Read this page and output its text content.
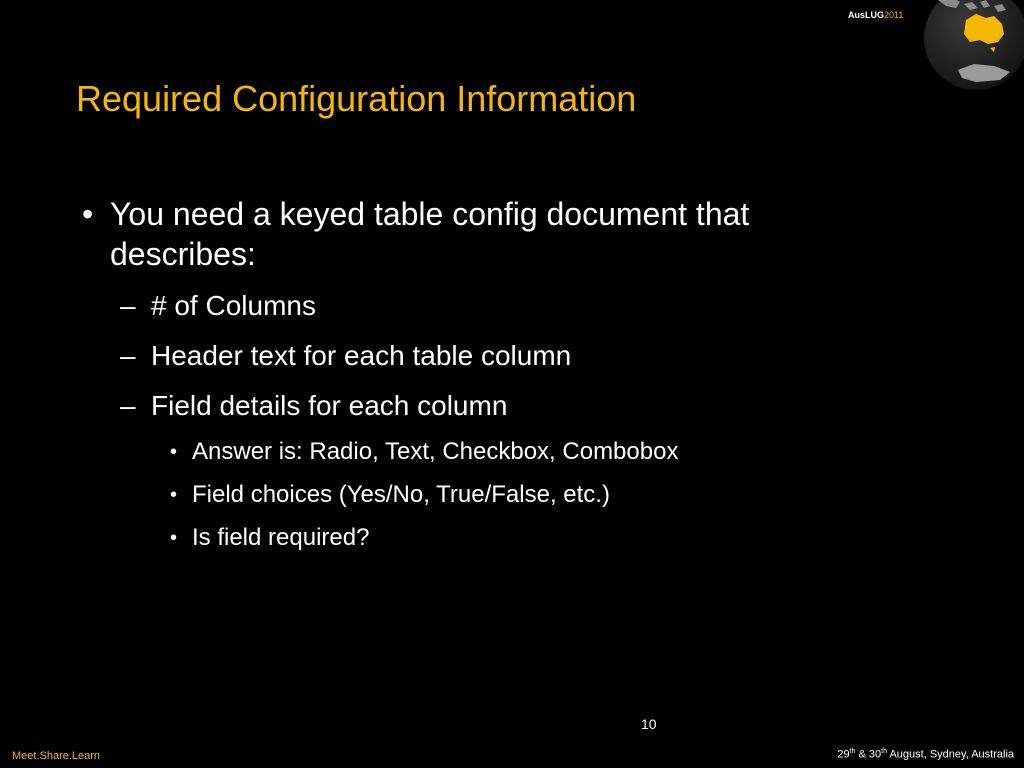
AusLUG2011
Required Configuration Information
• You need a keyed table config document that describes:
– # of Columns
– Header text for each table column
– Field details for each column
• Answer is: Radio, Text, Checkbox, Combobox
• Field choices (Yes/No, True/False, etc.)
• Is field required?
10
Meet.Share.Learn	29th & 30th August, Sydney, Australia
